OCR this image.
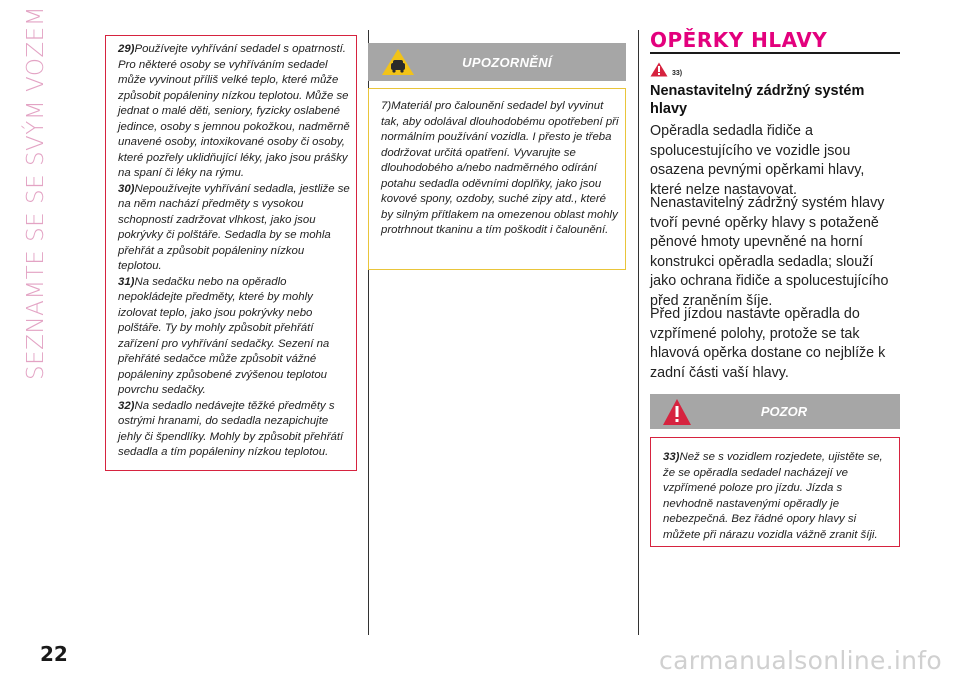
SEZNAMTE SE SE SVÝM VOZEM	29)Používejte vyhřívání sedadel s opatrností. Pro některé osoby se vyhříváním sedadel může vyvinout příliš velké teplo, které může způsobit popáleniny nízkou teplotou. Může se jednat o malé děti, seniory, fyzicky oslabené jedince, osoby s jemnou pokožkou, nadměrně unavené osoby, intoxikované osoby či osoby, které pozřely uklidňující léky, jako jsou prášky na spaní či léky na rýmu.

30)Nepoužívejte vyhřívání sedadla, jestliže se na něm nachází předměty s vysokou schopností zadržovat vlhkost, jako jsou pokrývky či polštáře. Sedadla by se mohla přehřát a způsobit popáleniny nízkou teplotou.

31)Na sedačku nebo na opěradlo nepokládejte předměty, které by mohly izolovat teplo, jako jsou pokrývky nebo polštáře. Ty by mohly způsobit přehřátí zařízení pro vyhřívání sedačky. Sezení na přehřáté sedačce může způsobit vážné popáleniny způsobené zvýšenou teplotou povrchu sedačky.

32)Na sedadlo nedávejte těžké předměty s ostrými hranami, do sedadla nezapichujte jehly či špendlíky. Mohly by způsobit přehřátí sedadla a tím popáleniny nízkou teplotou.

UPOZORNĚNÍ

7)Materiál pro čalounění sedadel byl vyvinut tak, aby odolával dlouhodobému opotřebení při normálním používání vozidla. I přesto je třeba dodržovat určitá opatření. Vyvarujte se dlouhodobého a/nebo nadměrného odírání potahu sedadla oděvními doplňky, jako jsou kovové spony, ozdoby, suché zipy atd., které by silným přítlakem na omezenou oblast mohly protrhnout tkaninu a tím poškodit i čalounění.

OPĚRKY HLAVY
33)
Nenastavitelný zádržný systém hlavy

Opěradla sedadla řidiče a spolucestujícího ve vozidle jsou osazena pevnými opěrkami hlavy, které nelze nastavovat.

Nenastavitelný zádržný systém hlavy tvoří pevné opěrky hlavy s potaženě pěnové hmoty upevněné na horní konstrukci opěradla sedadla; slouží jako ochrana řidiče a spolucestujícího před zraněním šíje.

Před jízdou nastavte opěradla do vzpřímené polohy, protože se tak hlavová opěrka dostane co nejblíže k zadní části vaší hlavy.

POZOR

33)Než se s vozidlem rozjedete, ujistěte se, že se opěradla sedadel nacházejí ve vzpřímené poloze pro jízdu. Jízda s nevhodně nastavenými opěradly je nebezpečná. Bez řádné opory hlavy si můžete při nárazu vozidla vážně zranit šíji.

22	carmanualsonline.info
